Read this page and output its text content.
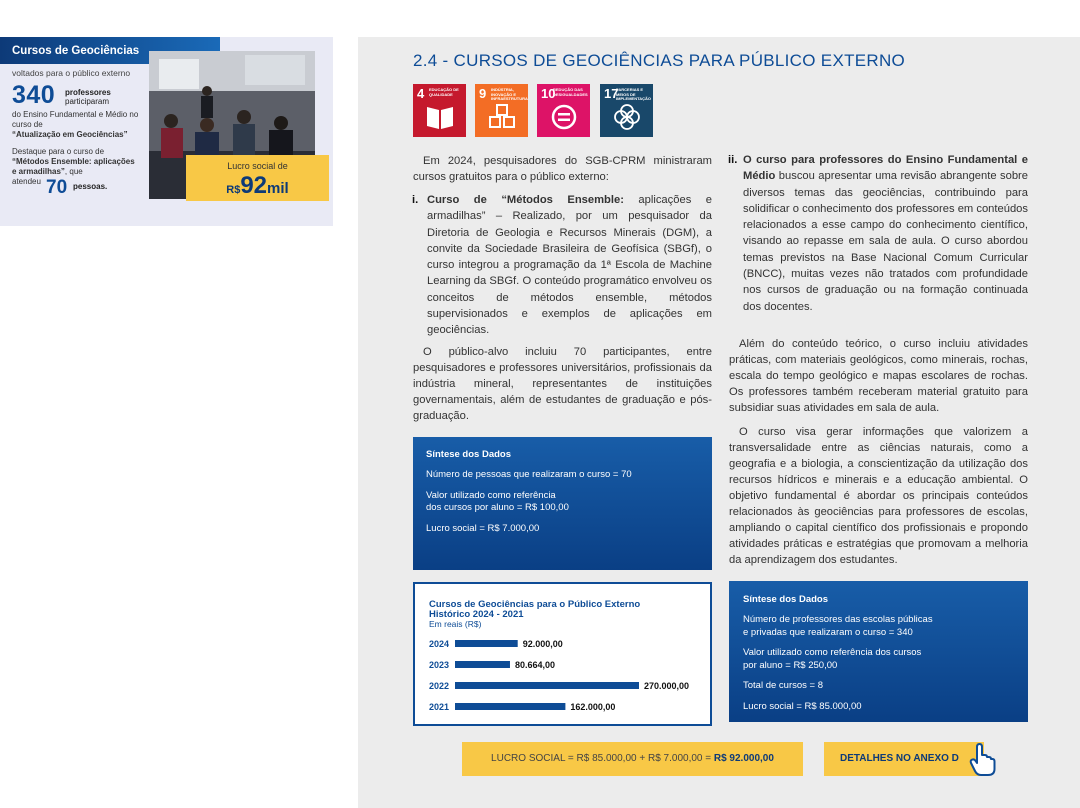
Cursos de Geociências
voltados para o público externo
340 professores
participaram
do Ensino Fundamental e Médio no curso de
“Atualização em Geociências”
Destaque para o curso de
“Métodos Ensemble: aplicações e armadilhas”, que
atendeu 70 pessoas.
Lucro social de
R$92mil
2.4 - CURSOS DE GEOCIÊNCIAS PARA PÚBLICO EXTERNO
4 EDUCAÇÃO DE QUALIDADE	9 INDÚSTRIA, INOVAÇÃO E INFRAESTRUTURA 10
REDUÇÃO DAS DESIGUALDADES 17
PARCERIAS E MEIOS DE IMPLEMENTAÇÃO
Em 2024, pesquisadores do SGB-CPRM ministraram cursos gratuitos para o público externo:
i. Curso de “Métodos Ensemble: aplicações e armadilhas” – Realizado, por um pesquisador da Diretoria de Geologia e Recursos Minerais (DGM), a convite da Sociedade Brasileira de Geofísica (SBGf), o curso integrou a programação da 1ª Escola de Machine Learning da SBGf. O conteúdo programático envolveu os conceitos de métodos ensemble, métodos supervisionados e exemplos de aplicações em geociências.
O público-alvo incluiu 70 participantes, entre pesquisadores e professores universitários, profissionais da indústria mineral, representantes de instituições governamentais, além de estudantes de graduação e pós-graduação.
Síntese dos Dados
Número de pessoas que realizaram o curso = 70
Valor utilizado como referência
dos cursos por aluno = R$ 100,00
Lucro social = R$ 7.000,00
Cursos de Geociências para o Público Externo
Histórico 2024 - 2021
Em reais (R$)
2024	92.000,00
2023	80.664,00
2022	270.000,00
2021	162.000,00
ii. O curso para professores do Ensino Fundamental e Médio buscou apresentar uma revisão abrangente sobre diversos temas das geociências, contribuindo para solidificar o conhecimento dos professores em conteúdos relacionados a esse campo do conhecimento científico, visando ao repasse em sala de aula. O curso abordou temas previstos na Base Nacional Comum Curricular (BNCC), muitas vezes não tratados com profundidade nos cursos de graduação ou na formação continuada dos docentes.
Além do conteúdo teórico, o curso incluiu atividades práticas, com materiais geológicos, como minerais, rochas, escala do tempo geológico e mapas escolares de rochas. Os professores também receberam material gratuito para subsidiar suas atividades em sala de aula.
O curso visa gerar informações que valorizem a transversalidade entre as ciências naturais, como a geografia e a biologia, a conscientização da utilização dos recursos hídricos e minerais e a educação ambiental. O objetivo fundamental é abordar os principais conteúdos relacionados às geociências para professores de escolas, ampliando o capital científico dos profissionais e propondo atividades práticas e estratégias que promovam a melhoria da aprendizagem dos estudantes.
Síntese dos Dados
Número de professores das escolas públicas
e privadas que realizaram o curso = 340
Valor utilizado como referência dos cursos
por aluno = R$ 250,00
Total de cursos = 8
Lucro social = R$ 85.000,00
LUCRO SOCIAL = R$ 85.000,00 + R$ 7.000,00 = R$ 92.000,00	DETALHES NO ANEXO D
